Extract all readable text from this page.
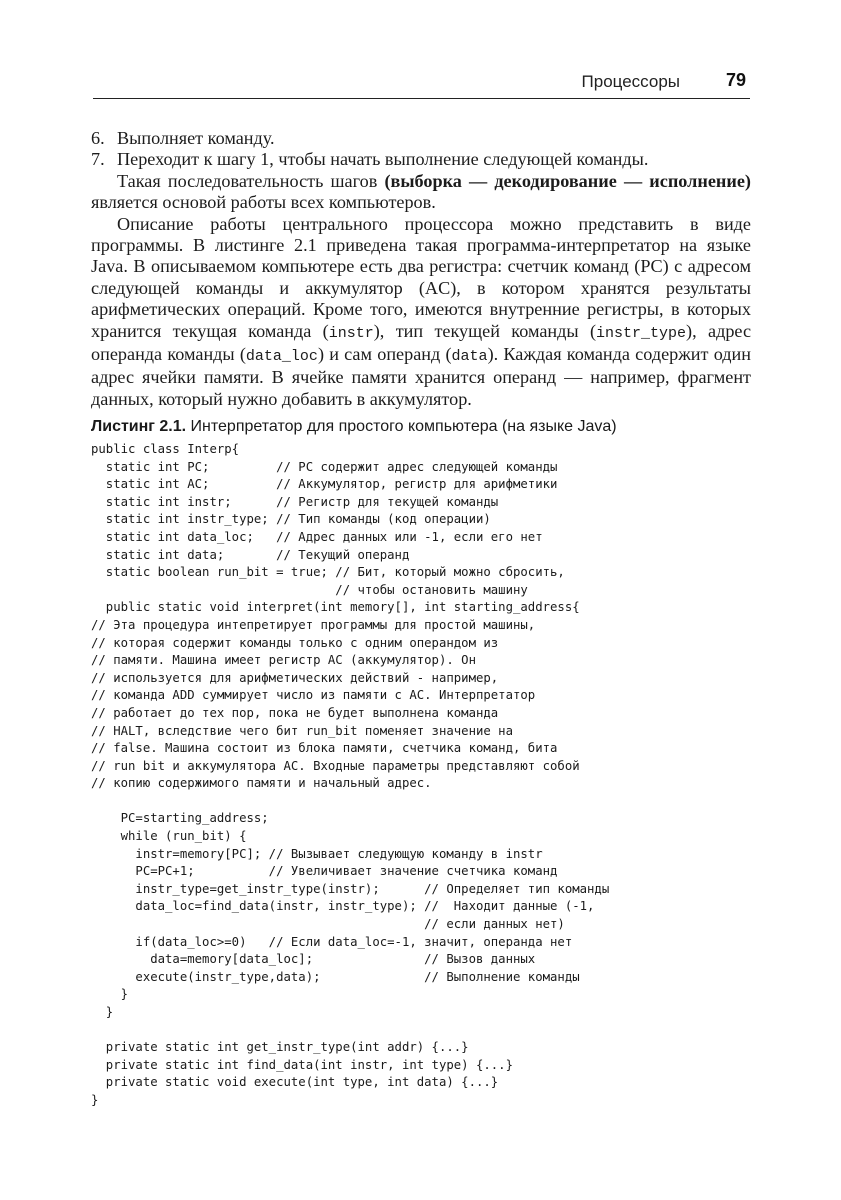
Процессоры	79
6. Выполняет команду.
7. Переходит к шагу 1, чтобы начать выполнение следующей команды.

Такая последовательность шагов (выборка — декодирование — исполнение) является основой работы всех компьютеров.

Описание работы центрального процессора можно представить в виде программы. В листинге 2.1 приведена такая программа-интерпретатор на языке Java. В описываемом компьютере есть два регистра: счетчик команд (PC) с адресом следующей команды и аккумулятор (AC), в котором хранятся результаты арифметических операций. Кроме того, имеются внутренние регистры, в которых хранится текущая команда (instr), тип текущей команды (instr_type), адрес операнда команды (data_loc) и сам операнд (data). Каждая команда содержит один адрес ячейки памяти. В ячейке памяти хранится операнд — например, фрагмент данных, который нужно добавить в аккумулятор.

Листинг 2.1. Интерпретатор для простого компьютера (на языке Java)
public class Interp{
static int PC;         // PC содержит адрес следующей команды
static int AC;         // Аккумулятор, регистр для арифметики
static int instr;      // Регистр для текущей команды
static int instr_type; // Тип команды (код операции)
static int data_loc;   // Адрес данных или -1, если его нет
static int data;       // Текущий операнд
static boolean run_bit = true; // Бит, который можно сбросить,
// чтобы остановить машину
public static void interpret(int memory[], int starting_address{
// Эта процедура интепретирует программы для простой машины,
// которая содержит команды только с одним операндом из
// памяти. Машина имеет регистр AC (аккумулятор). Он
// используется для арифметических действий - например,
// команда ADD суммирует число из памяти с AC. Интерпретатор
// работает до тех пор, пока не будет выполнена команда
// HALT, вследствие чего бит run_bit поменяет значение на
// false. Машина состоит из блока памяти, счетчика команд, бита
// run bit и аккумулятора AC. Входные параметры представляют собой
// копию содержимого памяти и начальный адрес.

PC=starting_address;
while (run_bit) {
instr=memory[PC]; // Вызывает следующую команду в instr
PC=PC+1;          // Увеличивает значение счетчика команд
instr_type=get_instr_type(instr);      // Определяет тип команды
data_loc=find_data(instr, instr_type); //  Находит данные (-1,
// если данных нет)
if(data_loc>=0)   // Если data_loc=-1, значит, операнда нет
data=memory[data_loc];               // Вызов данных
execute(instr_type,data);              // Выполнение команды
}
}

private static int get_instr_type(int addr) {...}
private static int find_data(int instr, int type) {...}
private static void execute(int type, int data) {...}
}
